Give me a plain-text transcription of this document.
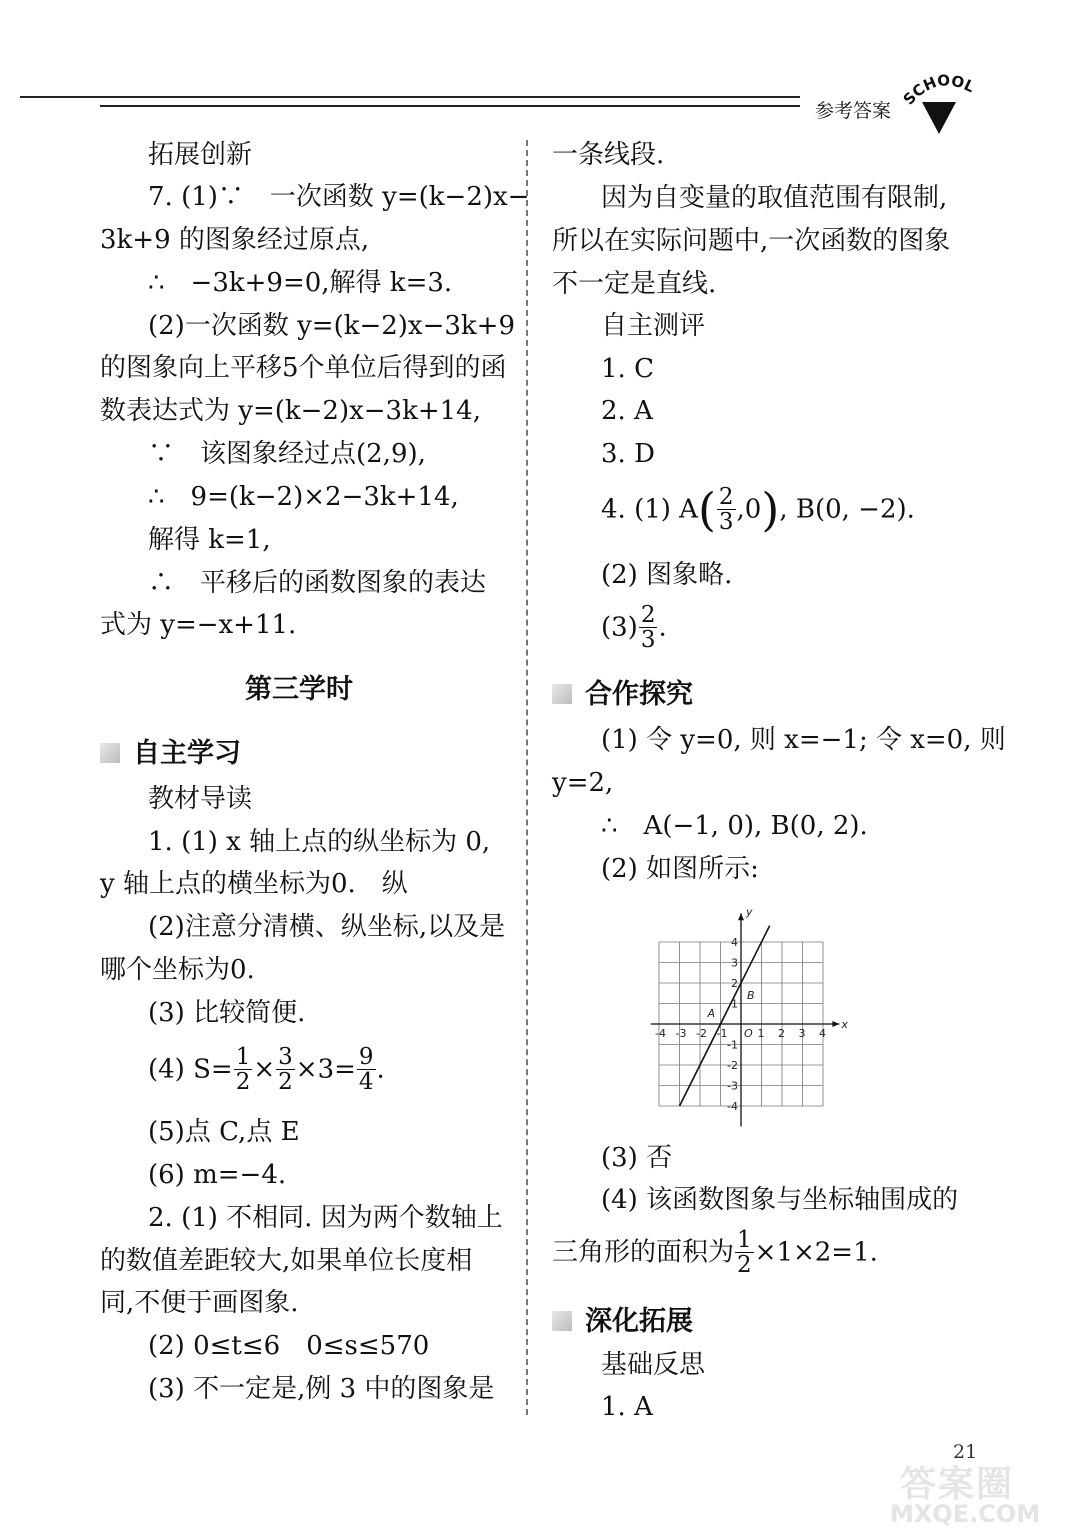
参考答案
SCHOOL
拓展创新
7. (1)∵　一次函数 y=(k−2)x−
3k+9 的图象经过原点,
∴　−3k+9=0,解得 k=3.
(2)一次函数 y=(k−2)x−3k+9
的图象向上平移5个单位后得到的函
数表达式为 y=(k−2)x−3k+14,
∵　该图象经过点(2,9),
∴　9=(k−2)×2−3k+14,
解得 k=1,
∴　平移后的函数图象的表达
式为 y=−x+11.
第三学时
自主学习
教材导读
1. (1) x 轴上点的纵坐标为 0,
y 轴上点的横坐标为0.　纵
(2)注意分清横、纵坐标,以及是
哪个坐标为0.
(3) 比较简便.
(4) $S= \frac{1}{2} \times \frac{3}{2} \times 3= \frac{9}{4}$ .
(5)点 C,点 E
(6) m=−4.
2. (1) 不相同. 因为两个数轴上
的数值差距较大,如果单位长度相
同,不便于画图象.
(2) 0≤t≤6　0≤s≤570
(3) 不一定是,例 3 中的图象是
一条线段.
因为自变量的取值范围有限制,
所以在实际问题中,一次函数的图象
不一定是直线.
自主测评
1. C
2. A
3. D
4. (1) $A( \frac{2}{3} ,0)$, B(0, −2).
(2) 图象略.
$(3) \frac{2}{3}$ .
合作探究
(1) 令 y=0, 则 x=−1; 令 x=0, 则
y=2,
∴　A(−1, 0), B(0, 2).
(2) 如图所示:
-4 -3 -2 -1	1 2 3 4
4
3
2
1
-1
-2
-3
-4
x
y
O
A
B
(3) 否
(4) 该函数图象与坐标轴围成的
三角形的面积为 $\frac{1}{2} \times 1\times 2=1$.
深化拓展
基础反思
1. A
21
答案圈
MXQE.COM
